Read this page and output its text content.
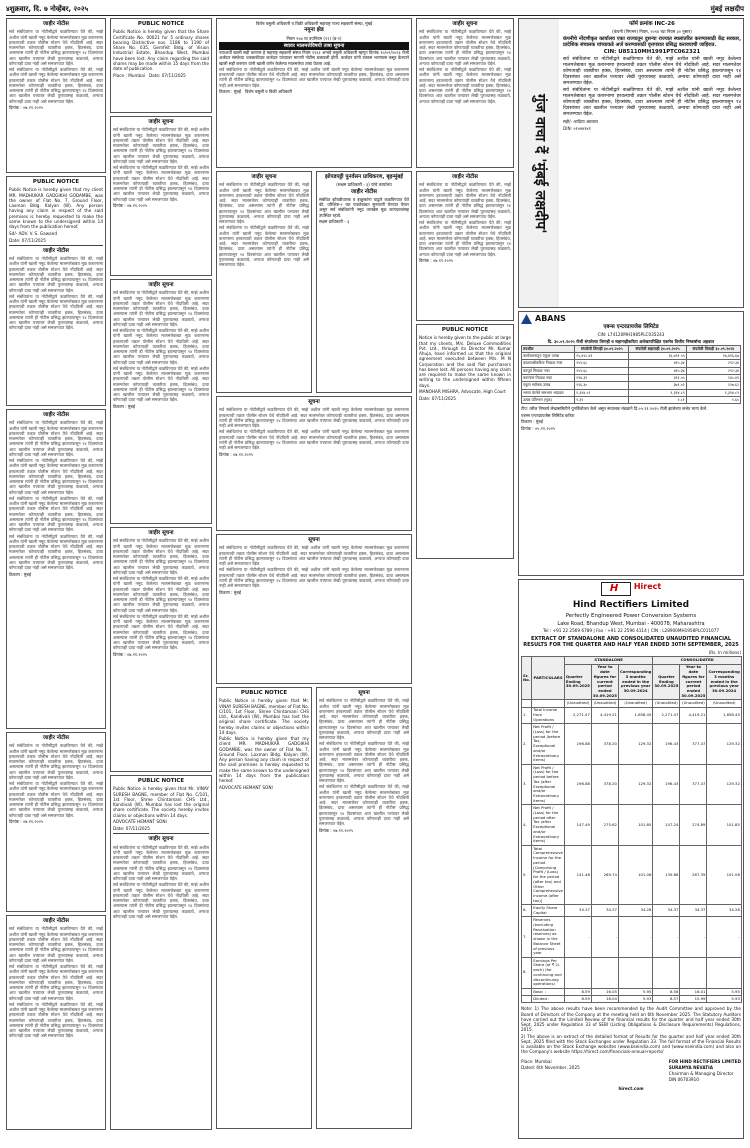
४ शुक्रवार, दि. ७ नोव्हेंबर, २०२५	मुंबई लक्षदीप
जाहीर नोटीस

सर्व संबंधितांना या नोटीसीद्वारे कळविण्यात येते की, माझे अशील यांनी खाली नमूद केलेल्या मालमत्तेबाबत मूळ करारनामा हरवल्याची तक्रार पोलीस स्टेशन येथे नोंदविली आहे. सदर मालमत्तेवर कोणत्याही व्यक्तीचा हक्क, हितसंबंध, दावा असल्यास त्यांनी ही नोटीस प्रसिद्ध झाल्यापासून १४ दिवसांच्या आत खालील पत्त्यावर लेखी पुराव्यासह कळवावे, अन्यथा कोणताही दावा नाही असे समजण्यात येईल.

सर्व संबंधितांना या नोटीसीद्वारे कळविण्यात येते की, माझे अशील यांनी खाली नमूद केलेल्या मालमत्तेबाबत मूळ करारनामा हरवल्याची तक्रार पोलीस स्टेशन येथे नोंदविली आहे. सदर मालमत्तेवर कोणत्याही व्यक्तीचा हक्क, हितसंबंध, दावा असल्यास त्यांनी ही नोटीस प्रसिद्ध झाल्यापासून १४ दिवसांच्या आत खालील पत्त्यावर लेखी पुराव्यासह कळवावे, अन्यथा कोणताही दावा नाही असे समजण्यात येईल.

दिनांक : ०७.११.२०२५

PUBLIC NOTICE

Public Notice is hereby given that my client MR. MADHUKAR GADGIKHI GODAMBE, was the owner of Flat No. 7, Ground Floor, Laxman Bldg. Kalyan (W). Any person having any claim in respect of the said premises is hereby requested to make the same known to the undersigned within 14 days from the publication hereof.

Sd/- ADV. V. S. Gawand

Date: 07/11/2025

जाहीर नोटीस

सर्व संबंधितांना या नोटीसीद्वारे कळविण्यात येते की, माझे अशील यांनी खाली नमूद केलेल्या मालमत्तेबाबत मूळ करारनामा हरवल्याची तक्रार पोलीस स्टेशन येथे नोंदविली आहे. सदर मालमत्तेवर कोणत्याही व्यक्तीचा हक्क, हितसंबंध, दावा असल्यास त्यांनी ही नोटीस प्रसिद्ध झाल्यापासून १४ दिवसांच्या आत खालील पत्त्यावर लेखी पुराव्यासह कळवावे, अन्यथा कोणताही दावा नाही असे समजण्यात येईल.

सर्व संबंधितांना या नोटीसीद्वारे कळविण्यात येते की, माझे अशील यांनी खाली नमूद केलेल्या मालमत्तेबाबत मूळ करारनामा हरवल्याची तक्रार पोलीस स्टेशन येथे नोंदविली आहे. सदर मालमत्तेवर कोणत्याही व्यक्तीचा हक्क, हितसंबंध, दावा असल्यास त्यांनी ही नोटीस प्रसिद्ध झाल्यापासून १४ दिवसांच्या आत खालील पत्त्यावर लेखी पुराव्यासह कळवावे, अन्यथा कोणताही दावा नाही असे समजण्यात येईल.

जाहीर नोटीस

सर्व संबंधितांना या नोटीसीद्वारे कळविण्यात येते की, माझे अशील यांनी खाली नमूद केलेल्या मालमत्तेबाबत मूळ करारनामा हरवल्याची तक्रार पोलीस स्टेशन येथे नोंदविली आहे. सदर मालमत्तेवर कोणत्याही व्यक्तीचा हक्क, हितसंबंध, दावा असल्यास त्यांनी ही नोटीस प्रसिद्ध झाल्यापासून १४ दिवसांच्या आत खालील पत्त्यावर लेखी पुराव्यासह कळवावे, अन्यथा कोणताही दावा नाही असे समजण्यात येईल.

सर्व संबंधितांना या नोटीसीद्वारे कळविण्यात येते की, माझे अशील यांनी खाली नमूद केलेल्या मालमत्तेबाबत मूळ करारनामा हरवल्याची तक्रार पोलीस स्टेशन येथे नोंदविली आहे. सदर मालमत्तेवर कोणत्याही व्यक्तीचा हक्क, हितसंबंध, दावा असल्यास त्यांनी ही नोटीस प्रसिद्ध झाल्यापासून १४ दिवसांच्या आत खालील पत्त्यावर लेखी पुराव्यासह कळवावे, अन्यथा कोणताही दावा नाही असे समजण्यात येईल.

सर्व संबंधितांना या नोटीसीद्वारे कळविण्यात येते की, माझे अशील यांनी खाली नमूद केलेल्या मालमत्तेबाबत मूळ करारनामा हरवल्याची तक्रार पोलीस स्टेशन येथे नोंदविली आहे. सदर मालमत्तेवर कोणत्याही व्यक्तीचा हक्क, हितसंबंध, दावा असल्यास त्यांनी ही नोटीस प्रसिद्ध झाल्यापासून १४ दिवसांच्या आत खालील पत्त्यावर लेखी पुराव्यासह कळवावे, अन्यथा कोणताही दावा नाही असे समजण्यात येईल.

सर्व संबंधितांना या नोटीसीद्वारे कळविण्यात येते की, माझे अशील यांनी खाली नमूद केलेल्या मालमत्तेबाबत मूळ करारनामा हरवल्याची तक्रार पोलीस स्टेशन येथे नोंदविली आहे. सदर मालमत्तेवर कोणत्याही व्यक्तीचा हक्क, हितसंबंध, दावा असल्यास त्यांनी ही नोटीस प्रसिद्ध झाल्यापासून १४ दिवसांच्या आत खालील पत्त्यावर लेखी पुराव्यासह कळवावे, अन्यथा कोणताही दावा नाही असे समजण्यात येईल.

ठिकाण : मुंबई

जाहीर नोटीस

सर्व संबंधितांना या नोटीसीद्वारे कळविण्यात येते की, माझे अशील यांनी खाली नमूद केलेल्या मालमत्तेबाबत मूळ करारनामा हरवल्याची तक्रार पोलीस स्टेशन येथे नोंदविली आहे. सदर मालमत्तेवर कोणत्याही व्यक्तीचा हक्क, हितसंबंध, दावा असल्यास त्यांनी ही नोटीस प्रसिद्ध झाल्यापासून १४ दिवसांच्या आत खालील पत्त्यावर लेखी पुराव्यासह कळवावे, अन्यथा कोणताही दावा नाही असे समजण्यात येईल.

सर्व संबंधितांना या नोटीसीद्वारे कळविण्यात येते की, माझे अशील यांनी खाली नमूद केलेल्या मालमत्तेबाबत मूळ करारनामा हरवल्याची तक्रार पोलीस स्टेशन येथे नोंदविली आहे. सदर मालमत्तेवर कोणत्याही व्यक्तीचा हक्क, हितसंबंध, दावा असल्यास त्यांनी ही नोटीस प्रसिद्ध झाल्यापासून १४ दिवसांच्या आत खालील पत्त्यावर लेखी पुराव्यासह कळवावे, अन्यथा कोणताही दावा नाही असे समजण्यात येईल.

दिनांक : ०७.११.२०२५

जाहीर नोटीस

सर्व संबंधितांना या नोटीसीद्वारे कळविण्यात येते की, माझे अशील यांनी खाली नमूद केलेल्या मालमत्तेबाबत मूळ करारनामा हरवल्याची तक्रार पोलीस स्टेशन येथे नोंदविली आहे. सदर मालमत्तेवर कोणत्याही व्यक्तीचा हक्क, हितसंबंध, दावा असल्यास त्यांनी ही नोटीस प्रसिद्ध झाल्यापासून १४ दिवसांच्या आत खालील पत्त्यावर लेखी पुराव्यासह कळवावे, अन्यथा कोणताही दावा नाही असे समजण्यात येईल.

सर्व संबंधितांना या नोटीसीद्वारे कळविण्यात येते की, माझे अशील यांनी खाली नमूद केलेल्या मालमत्तेबाबत मूळ करारनामा हरवल्याची तक्रार पोलीस स्टेशन येथे नोंदविली आहे. सदर मालमत्तेवर कोणत्याही व्यक्तीचा हक्क, हितसंबंध, दावा असल्यास त्यांनी ही नोटीस प्रसिद्ध झाल्यापासून १४ दिवसांच्या आत खालील पत्त्यावर लेखी पुराव्यासह कळवावे, अन्यथा कोणताही दावा नाही असे समजण्यात येईल.

सर्व संबंधितांना या नोटीसीद्वारे कळविण्यात येते की, माझे अशील यांनी खाली नमूद केलेल्या मालमत्तेबाबत मूळ करारनामा हरवल्याची तक्रार पोलीस स्टेशन येथे नोंदविली आहे. सदर मालमत्तेवर कोणत्याही व्यक्तीचा हक्क, हितसंबंध, दावा असल्यास त्यांनी ही नोटीस प्रसिद्ध झाल्यापासून १४ दिवसांच्या आत खालील पत्त्यावर लेखी पुराव्यासह कळवावे, अन्यथा कोणताही दावा नाही असे समजण्यात येईल.

PUBLIC NOTICE

Public Notice is hereby given that the Share Certificate No. 00021 for 5 ordinary shares bearing Distinctive nos. 1186 to 1190 of Share No. 035, Gemfeit Bldg. of Vision Industrial Estate, Bhandup West, Mumbai have been lost. Any claim regarding the said shares may be made within 15 days from the date of publication.

Place : Mumbai Date: 07/11/2025

जाहीर सूचना

सर्व संबंधितांना या नोटीसीद्वारे कळविण्यात येते की, माझे अशील यांनी खाली नमूद केलेल्या मालमत्तेबाबत मूळ करारनामा हरवल्याची तक्रार पोलीस स्टेशन येथे नोंदविली आहे. सदर मालमत्तेवर कोणत्याही व्यक्तीचा हक्क, हितसंबंध, दावा असल्यास त्यांनी ही नोटीस प्रसिद्ध झाल्यापासून १४ दिवसांच्या आत खालील पत्त्यावर लेखी पुराव्यासह कळवावे, अन्यथा कोणताही दावा नाही असे समजण्यात येईल.

सर्व संबंधितांना या नोटीसीद्वारे कळविण्यात येते की, माझे अशील यांनी खाली नमूद केलेल्या मालमत्तेबाबत मूळ करारनामा हरवल्याची तक्रार पोलीस स्टेशन येथे नोंदविली आहे. सदर मालमत्तेवर कोणत्याही व्यक्तीचा हक्क, हितसंबंध, दावा असल्यास त्यांनी ही नोटीस प्रसिद्ध झाल्यापासून १४ दिवसांच्या आत खालील पत्त्यावर लेखी पुराव्यासह कळवावे, अन्यथा कोणताही दावा नाही असे समजण्यात येईल.

दिनांक : ०७.११.२०२५

जाहीर सूचना

सर्व संबंधितांना या नोटीसीद्वारे कळविण्यात येते की, माझे अशील यांनी खाली नमूद केलेल्या मालमत्तेबाबत मूळ करारनामा हरवल्याची तक्रार पोलीस स्टेशन येथे नोंदविली आहे. सदर मालमत्तेवर कोणत्याही व्यक्तीचा हक्क, हितसंबंध, दावा असल्यास त्यांनी ही नोटीस प्रसिद्ध झाल्यापासून १४ दिवसांच्या आत खालील पत्त्यावर लेखी पुराव्यासह कळवावे, अन्यथा कोणताही दावा नाही असे समजण्यात येईल.

सर्व संबंधितांना या नोटीसीद्वारे कळविण्यात येते की, माझे अशील यांनी खाली नमूद केलेल्या मालमत्तेबाबत मूळ करारनामा हरवल्याची तक्रार पोलीस स्टेशन येथे नोंदविली आहे. सदर मालमत्तेवर कोणत्याही व्यक्तीचा हक्क, हितसंबंध, दावा असल्यास त्यांनी ही नोटीस प्रसिद्ध झाल्यापासून १४ दिवसांच्या आत खालील पत्त्यावर लेखी पुराव्यासह कळवावे, अन्यथा कोणताही दावा नाही असे समजण्यात येईल.

सर्व संबंधितांना या नोटीसीद्वारे कळविण्यात येते की, माझे अशील यांनी खाली नमूद केलेल्या मालमत्तेबाबत मूळ करारनामा हरवल्याची तक्रार पोलीस स्टेशन येथे नोंदविली आहे. सदर मालमत्तेवर कोणत्याही व्यक्तीचा हक्क, हितसंबंध, दावा असल्यास त्यांनी ही नोटीस प्रसिद्ध झाल्यापासून १४ दिवसांच्या आत खालील पत्त्यावर लेखी पुराव्यासह कळवावे, अन्यथा कोणताही दावा नाही असे समजण्यात येईल.

ठिकाण : मुंबई

जाहीर सूचना

सर्व संबंधितांना या नोटीसीद्वारे कळविण्यात येते की, माझे अशील यांनी खाली नमूद केलेल्या मालमत्तेबाबत मूळ करारनामा हरवल्याची तक्रार पोलीस स्टेशन येथे नोंदविली आहे. सदर मालमत्तेवर कोणत्याही व्यक्तीचा हक्क, हितसंबंध, दावा असल्यास त्यांनी ही नोटीस प्रसिद्ध झाल्यापासून १४ दिवसांच्या आत खालील पत्त्यावर लेखी पुराव्यासह कळवावे, अन्यथा कोणताही दावा नाही असे समजण्यात येईल.

सर्व संबंधितांना या नोटीसीद्वारे कळविण्यात येते की, माझे अशील यांनी खाली नमूद केलेल्या मालमत्तेबाबत मूळ करारनामा हरवल्याची तक्रार पोलीस स्टेशन येथे नोंदविली आहे. सदर मालमत्तेवर कोणत्याही व्यक्तीचा हक्क, हितसंबंध, दावा असल्यास त्यांनी ही नोटीस प्रसिद्ध झाल्यापासून १४ दिवसांच्या आत खालील पत्त्यावर लेखी पुराव्यासह कळवावे, अन्यथा कोणताही दावा नाही असे समजण्यात येईल.

सर्व संबंधितांना या नोटीसीद्वारे कळविण्यात येते की, माझे अशील यांनी खाली नमूद केलेल्या मालमत्तेबाबत मूळ करारनामा हरवल्याची तक्रार पोलीस स्टेशन येथे नोंदविली आहे. सदर मालमत्तेवर कोणत्याही व्यक्तीचा हक्क, हितसंबंध, दावा असल्यास त्यांनी ही नोटीस प्रसिद्ध झाल्यापासून १४ दिवसांच्या आत खालील पत्त्यावर लेखी पुराव्यासह कळवावे, अन्यथा कोणताही दावा नाही असे समजण्यात येईल.

दिनांक : ०७.११.२०२५

PUBLIC NOTICE

Public Notice is hereby given that Mr. VINAY SURESH BAGNE, member of Flat No. C/101, 1st Floor, Shree Chintamani CHS Ltd., Kandivali (W), Mumbai has lost the original share certificate. The society hereby invites claims or objections within 14 days.

ADVOCATE HEMANT SONI

Date: 07/11/2025

जाहीर सूचना

सर्व संबंधितांना या नोटीसीद्वारे कळविण्यात येते की, माझे अशील यांनी खाली नमूद केलेल्या मालमत्तेबाबत मूळ करारनामा हरवल्याची तक्रार पोलीस स्टेशन येथे नोंदविली आहे. सदर मालमत्तेवर कोणत्याही व्यक्तीचा हक्क, हितसंबंध, दावा असल्यास त्यांनी ही नोटीस प्रसिद्ध झाल्यापासून १४ दिवसांच्या आत खालील पत्त्यावर लेखी पुराव्यासह कळवावे, अन्यथा कोणताही दावा नाही असे समजण्यात येईल.

सर्व संबंधितांना या नोटीसीद्वारे कळविण्यात येते की, माझे अशील यांनी खाली नमूद केलेल्या मालमत्तेबाबत मूळ करारनामा हरवल्याची तक्रार पोलीस स्टेशन येथे नोंदविली आहे. सदर मालमत्तेवर कोणत्याही व्यक्तीचा हक्क, हितसंबंध, दावा असल्यास त्यांनी ही नोटीस प्रसिद्ध झाल्यापासून १४ दिवसांच्या आत खालील पत्त्यावर लेखी पुराव्यासह कळवावे, अन्यथा कोणताही दावा नाही असे समजण्यात येईल.

विशेष वसुली अधिकारी व विक्री अधिकारी महाराष्ट्र राज्य सहकारी संस्था, मुंबई

नमुना झेड

नियम १०७ चा उपनियम (११) (ड-१)

स्थावर मालमत्तेविषयी ताबा सूचना

ज्याअर्थी खाली सही करणार हे महाराष्ट्र सहकारी संस्था नियम १९६१ अन्वये वसुली अधिकारी म्हणून दिनांक १०/०९/२०२३ रोजी अर्जदार संस्थेच्या थकबाकीदार कर्जदार यांच्यावर मागणी नोटीस बजावली होती. कर्जदार यांनी रक्कम भरण्यास कसूर केल्याने खाली सही करणार यांनी खाली वर्णन केलेल्या मालमत्तेचा ताबा घेतला आहे.

सर्व संबंधितांना या नोटीसीद्वारे कळविण्यात येते की, माझे अशील यांनी खाली नमूद केलेल्या मालमत्तेबाबत मूळ करारनामा हरवल्याची तक्रार पोलीस स्टेशन येथे नोंदविली आहे. सदर मालमत्तेवर कोणत्याही व्यक्तीचा हक्क, हितसंबंध, दावा असल्यास त्यांनी ही नोटीस प्रसिद्ध झाल्यापासून १४ दिवसांच्या आत खालील पत्त्यावर लेखी पुराव्यासह कळवावे, अन्यथा कोणताही दावा नाही असे समजण्यात येईल.

ठिकाण : मुंबई विशेष वसुली व विक्री अधिकारी

जाहीर सूचना

सर्व संबंधितांना या नोटीसीद्वारे कळविण्यात येते की, माझे अशील यांनी खाली नमूद केलेल्या मालमत्तेबाबत मूळ करारनामा हरवल्याची तक्रार पोलीस स्टेशन येथे नोंदविली आहे. सदर मालमत्तेवर कोणत्याही व्यक्तीचा हक्क, हितसंबंध, दावा असल्यास त्यांनी ही नोटीस प्रसिद्ध झाल्यापासून १४ दिवसांच्या आत खालील पत्त्यावर लेखी पुराव्यासह कळवावे, अन्यथा कोणताही दावा नाही असे समजण्यात येईल.

सर्व संबंधितांना या नोटीसीद्वारे कळविण्यात येते की, माझे अशील यांनी खाली नमूद केलेल्या मालमत्तेबाबत मूळ करारनामा हरवल्याची तक्रार पोलीस स्टेशन येथे नोंदविली आहे. सदर मालमत्तेवर कोणत्याही व्यक्तीचा हक्क, हितसंबंध, दावा असल्यास त्यांनी ही नोटीस प्रसिद्ध झाल्यापासून १४ दिवसांच्या आत खालील पत्त्यावर लेखी पुराव्यासह कळवावे, अन्यथा कोणताही दावा नाही असे समजण्यात येईल.

झोपडपट्टी पुनर्वसन प्राधिकरण, बृहन्मुंबई

(सक्षम प्राधिकारी - ३) यांचे कार्यालय

जाहीर नोटीस

संबंधित झोपडीधारक व इच्छुकांना याद्वारे कळविण्यात येते की, परिशिष्ट-२ च्या पात्रतेबाबत सुनावणी घेण्यात येणार असून सर्व संबंधितांनी नमूद तारखेस मूळ कागदपत्रांसह उपस्थित रहावे.

सक्षम प्राधिकारी - ३

सूचना

सर्व संबंधितांना या नोटीसीद्वारे कळविण्यात येते की, माझे अशील यांनी खाली नमूद केलेल्या मालमत्तेबाबत मूळ करारनामा हरवल्याची तक्रार पोलीस स्टेशन येथे नोंदविली आहे. सदर मालमत्तेवर कोणत्याही व्यक्तीचा हक्क, हितसंबंध, दावा असल्यास त्यांनी ही नोटीस प्रसिद्ध झाल्यापासून १४ दिवसांच्या आत खालील पत्त्यावर लेखी पुराव्यासह कळवावे, अन्यथा कोणताही दावा नाही असे समजण्यात येईल.

सर्व संबंधितांना या नोटीसीद्वारे कळविण्यात येते की, माझे अशील यांनी खाली नमूद केलेल्या मालमत्तेबाबत मूळ करारनामा हरवल्याची तक्रार पोलीस स्टेशन येथे नोंदविली आहे. सदर मालमत्तेवर कोणत्याही व्यक्तीचा हक्क, हितसंबंध, दावा असल्यास त्यांनी ही नोटीस प्रसिद्ध झाल्यापासून १४ दिवसांच्या आत खालील पत्त्यावर लेखी पुराव्यासह कळवावे, अन्यथा कोणताही दावा नाही असे समजण्यात येईल.

दिनांक : ०७.११.२०२५

सूचना

सर्व संबंधितांना या नोटीसीद्वारे कळविण्यात येते की, माझे अशील यांनी खाली नमूद केलेल्या मालमत्तेबाबत मूळ करारनामा हरवल्याची तक्रार पोलीस स्टेशन येथे नोंदविली आहे. सदर मालमत्तेवर कोणत्याही व्यक्तीचा हक्क, हितसंबंध, दावा असल्यास त्यांनी ही नोटीस प्रसिद्ध झाल्यापासून १४ दिवसांच्या आत खालील पत्त्यावर लेखी पुराव्यासह कळवावे, अन्यथा कोणताही दावा नाही असे समजण्यात येईल.

सर्व संबंधितांना या नोटीसीद्वारे कळविण्यात येते की, माझे अशील यांनी खाली नमूद केलेल्या मालमत्तेबाबत मूळ करारनामा हरवल्याची तक्रार पोलीस स्टेशन येथे नोंदविली आहे. सदर मालमत्तेवर कोणत्याही व्यक्तीचा हक्क, हितसंबंध, दावा असल्यास त्यांनी ही नोटीस प्रसिद्ध झाल्यापासून १४ दिवसांच्या आत खालील पत्त्यावर लेखी पुराव्यासह कळवावे, अन्यथा कोणताही दावा नाही असे समजण्यात येईल.

ठिकाण : मुंबई

PUBLIC NOTICE

Public Notice is hereby given that Mr. VINAY SURESH BAGNE, member of Flat No. C/101, 1st Floor, Shree Chintamani CHS Ltd., Kandivali (W), Mumbai has lost the original share certificate. The society hereby invites claims or objections within 14 days.

Public Notice is hereby given that my client MR. MADHUKAR GADGIKHI GODAMBE, was the owner of Flat No. 7, Ground Floor, Laxman Bldg. Kalyan (W). Any person having any claim in respect of the said premises is hereby requested to make the same known to the undersigned within 14 days from the publication hereof.

ADVOCATE HEMANT SONI

सूचना

सर्व संबंधितांना या नोटीसीद्वारे कळविण्यात येते की, माझे अशील यांनी खाली नमूद केलेल्या मालमत्तेबाबत मूळ करारनामा हरवल्याची तक्रार पोलीस स्टेशन येथे नोंदविली आहे. सदर मालमत्तेवर कोणत्याही व्यक्तीचा हक्क, हितसंबंध, दावा असल्यास त्यांनी ही नोटीस प्रसिद्ध झाल्यापासून १४ दिवसांच्या आत खालील पत्त्यावर लेखी पुराव्यासह कळवावे, अन्यथा कोणताही दावा नाही असे समजण्यात येईल.

सर्व संबंधितांना या नोटीसीद्वारे कळविण्यात येते की, माझे अशील यांनी खाली नमूद केलेल्या मालमत्तेबाबत मूळ करारनामा हरवल्याची तक्रार पोलीस स्टेशन येथे नोंदविली आहे. सदर मालमत्तेवर कोणत्याही व्यक्तीचा हक्क, हितसंबंध, दावा असल्यास त्यांनी ही नोटीस प्रसिद्ध झाल्यापासून १४ दिवसांच्या आत खालील पत्त्यावर लेखी पुराव्यासह कळवावे, अन्यथा कोणताही दावा नाही असे समजण्यात येईल.

सर्व संबंधितांना या नोटीसीद्वारे कळविण्यात येते की, माझे अशील यांनी खाली नमूद केलेल्या मालमत्तेबाबत मूळ करारनामा हरवल्याची तक्रार पोलीस स्टेशन येथे नोंदविली आहे. सदर मालमत्तेवर कोणत्याही व्यक्तीचा हक्क, हितसंबंध, दावा असल्यास त्यांनी ही नोटीस प्रसिद्ध झाल्यापासून १४ दिवसांच्या आत खालील पत्त्यावर लेखी पुराव्यासह कळवावे, अन्यथा कोणताही दावा नाही असे समजण्यात येईल.

दिनांक : ०७.११.२०२५

जाहीर सूचना

सर्व संबंधितांना या नोटीसीद्वारे कळविण्यात येते की, माझे अशील यांनी खाली नमूद केलेल्या मालमत्तेबाबत मूळ करारनामा हरवल्याची तक्रार पोलीस स्टेशन येथे नोंदविली आहे. सदर मालमत्तेवर कोणत्याही व्यक्तीचा हक्क, हितसंबंध, दावा असल्यास त्यांनी ही नोटीस प्रसिद्ध झाल्यापासून १४ दिवसांच्या आत खालील पत्त्यावर लेखी पुराव्यासह कळवावे, अन्यथा कोणताही दावा नाही असे समजण्यात येईल.

सर्व संबंधितांना या नोटीसीद्वारे कळविण्यात येते की, माझे अशील यांनी खाली नमूद केलेल्या मालमत्तेबाबत मूळ करारनामा हरवल्याची तक्रार पोलीस स्टेशन येथे नोंदविली आहे. सदर मालमत्तेवर कोणत्याही व्यक्तीचा हक्क, हितसंबंध, दावा असल्यास त्यांनी ही नोटीस प्रसिद्ध झाल्यापासून १४ दिवसांच्या आत खालील पत्त्यावर लेखी पुराव्यासह कळवावे, अन्यथा कोणताही दावा नाही असे समजण्यात येईल.

जाहीर नोटीस

सर्व संबंधितांना या नोटीसीद्वारे कळविण्यात येते की, माझे अशील यांनी खाली नमूद केलेल्या मालमत्तेबाबत मूळ करारनामा हरवल्याची तक्रार पोलीस स्टेशन येथे नोंदविली आहे. सदर मालमत्तेवर कोणत्याही व्यक्तीचा हक्क, हितसंबंध, दावा असल्यास त्यांनी ही नोटीस प्रसिद्ध झाल्यापासून १४ दिवसांच्या आत खालील पत्त्यावर लेखी पुराव्यासह कळवावे, अन्यथा कोणताही दावा नाही असे समजण्यात येईल.

सर्व संबंधितांना या नोटीसीद्वारे कळविण्यात येते की, माझे अशील यांनी खाली नमूद केलेल्या मालमत्तेबाबत मूळ करारनामा हरवल्याची तक्रार पोलीस स्टेशन येथे नोंदविली आहे. सदर मालमत्तेवर कोणत्याही व्यक्तीचा हक्क, हितसंबंध, दावा असल्यास त्यांनी ही नोटीस प्रसिद्ध झाल्यापासून १४ दिवसांच्या आत खालील पत्त्यावर लेखी पुराव्यासह कळवावे, अन्यथा कोणताही दावा नाही असे समजण्यात येईल.

दिनांक : ०७.११.२०२५

PUBLIC NOTICE

Notice is hereby given to the public at large that my clients, M/s. Deluxe Commodities Pvt. Ltd., through its Director Mr. Kumar Ahuja, have informed us that the original agreement executed between M/s. M N Corporation and the said flat purchasers has been lost. All persons having any claim are required to make the same known in writing to the undersigned within fifteen days.

MANOHAR MISHRA, Advocate, High Court

Date: 07/11/2025

गुंज वाचा दें 'मुंबई लक्षदीप'
फॉर्म क्रमांक INC-26

(कंपनी (निगमन) नियम, २०१४ च्या नियम ३० नुसार)

कंपनीचे नोंदणीकृत कार्यालय एका राज्यातून दुसऱ्या राज्यात स्थलांतरित करण्यासाठी केंद्र सरकार, प्रादेशिक संचालक यांच्याकडे अर्ज करण्यासाठी वृत्तपत्रात प्रसिद्ध करावयाची जाहिरात.

CIN: U85110MH1991PTC062321

सर्व संबंधितांना या नोटीसीद्वारे कळविण्यात येते की, माझे अशील यांनी खाली नमूद केलेल्या मालमत्तेबाबत मूळ करारनामा हरवल्याची तक्रार पोलीस स्टेशन येथे नोंदविली आहे. सदर मालमत्तेवर कोणत्याही व्यक्तीचा हक्क, हितसंबंध, दावा असल्यास त्यांनी ही नोटीस प्रसिद्ध झाल्यापासून १४ दिवसांच्या आत खालील पत्त्यावर लेखी पुराव्यासह कळवावे, अन्यथा कोणताही दावा नाही असे समजण्यात येईल.

सर्व संबंधितांना या नोटीसीद्वारे कळविण्यात येते की, माझे अशील यांनी खाली नमूद केलेल्या मालमत्तेबाबत मूळ करारनामा हरवल्याची तक्रार पोलीस स्टेशन येथे नोंदविली आहे. सदर मालमत्तेवर कोणत्याही व्यक्तीचा हक्क, हितसंबंध, दावा असल्यास त्यांनी ही नोटीस प्रसिद्ध झाल्यापासून १४ दिवसांच्या आत खालील पत्त्यावर लेखी पुराव्यासह कळवावे, अन्यथा कोणताही दावा नाही असे समजण्यात येईल.

सही/- आदित्य अग्रवाल

DIN: ०१०४४९४१

ABANS
एबन्स एन्टरप्रायजेस लिमिटेड

CIN: L74120MH1985PLC035243

दि. ३०.०९.२०२५ रोजी संपलेल्या तिमाही व सहामाहीकरिता अलेखापरिक्षित एकमेव वित्तीय निष्कर्षाचा अहवाल

तपशील	संपलेली तिमाही ३०.०९.२०२५	संपलेली सहामाही ३०.०९.२०२५	संपलेली तिमाही ३०.०९.२०२४
कार्यचलनातून एकूण उत्पन्न	१५,४२८.४१	२६,७९१.५९	१७,४१६.६७
कालावधीकरिता निव्वळ नफा	२५९.६८	४९५.३४	२९२.३४
करपूर्व निव्वळ नफा	२५९.६८	४९५.३४	२९२.३४
करानंतर निव्वळ नफा	१९४.३९	३९१.५५	२३०.४९
एकूण सर्वंकष उत्पन्न	१९६.३०	३७१.०२	२२७.६२
भरणा केलेले समभाग भांडवल	१,३९४.८९	१,३९४.८९	१,३९४.८९
उत्पन्न प्रतिभाग (मूळ)	१.३९	२.८१	१.६५

टीप: वरील निष्कर्ष लेखासमितीने पुनर्विलोकन केले असून संचालक मंडळाने दि.०५.११.२०२५ रोजी झालेल्या सभेत मान्य केले.

एबन्स एन्टरप्रायजेस लिमिटेड करिता

ठिकाण : मुंबई

दिनांक : ०५.११.२०२५

H
Hirect
Hind Rectifiers Limited

Perfectly Engineered Power Conversion Systems

Lake Road, Bhandup West, Mumbai - 400078, Maharashtra

Tel : +91 22 2569 6789 | Fax : +91 22 2596 4114 | CIN : L28900MH1958PLC011077

EXTRACT OF STANDALONE AND CONSOLIDATED UNAUDITED FINANCIAL RESULTS FOR THE QUARTER AND HALF YEAR ENDED 30TH SEPTEMBER, 2025

(Rs. In millions)

Sr. No.	PARTICULARS	STANDALONE			CONSOLIDATED		
		Quarter Ending 30.09.2025	Year to date figures for current period ended 30.09.2025	Corresponding 3 months ended in the previous year 30.09.2024	Quarter Ending 30.09.2025	Year to date figures for current period ended 30.09.2025	Corresponding 3 months ended in the previous year 30.09.2024
		(Unaudited)	(Unaudited)	(Unaudited)	(Unaudited)	(Unaudited)	(Unaudited)
1.	Total Income from Operations	2,271.47	4,419.21	1,658.45	2,271.47	4,419.21	1,658.45
2.	Net Profit / (Loss) for the period (before Tax, Exceptional and/or Extraordinary items)	196.88	378.20	129.32	196.43	377.47	129.32
3.	Net Profit / (Loss) for the period before Tax (after Exceptional and/or Extraordinary items)	196.88	378.20	129.32	196.43	377.47	129.32
4.	Net Profit / (Loss) for the period after Tax (after Exceptional and/or Extraordinary items)	147.49	275.62	101.85	147.24	274.89	101.85
5.	Total Comprehensive Income for the period [Comprising Profit / (Loss) for the period (after tax) and Other Comprehensive Income (after tax)]	141.46	269.74	101.06	139.86	267.39	101.06
6.	Equity Share Capital	34.37	34.37	34.28	34.37	34.37	34.28
7.	Reserves (excluding Revaluation reserves) as shown in the Balance Sheet of previous year	-	-	-	-	-	-
8.	Earnings Per Share (of ₹ 2/- each) (for continuing and discontinuing operations)						
	Basic :	8.59	16.05	5.95	8.58	16.01	5.95
	Diluted :	8.59	16.04	5.93	8.57	15.99	5.93

Note: 1) The above results have been recommended by the Audit Committee and approved by the Board of Directors of the Company at the meeting held on 6th November 2025. The Statutory Auditors have carried out the Limited Review of the financial results for the quarter and half year ended 30th Sept, 2025 under Regulation 33 of SEBI (Listing Obligations & Disclosure Requirements) Regulations, 2015.

2) The above is an extract of the detailed format of Results for the quarter and half year ended 30th Sept, 2025 filed with the Stock Exchanges under Regulation 33. The full format of the Financial Results is available on the Stock Exchange websites (www.bseindia.com) and (www.nseindia.com) and also on the Company's website https://hirect.com/financials-annual-reports/

Place: Mumbai

Dated: 6th November, 2025

FOR HIND RECTIFIERS LIMITED

SURAMYA NEVATIA

Chairman & Managing Director

DIN 06703910

hirect.com
